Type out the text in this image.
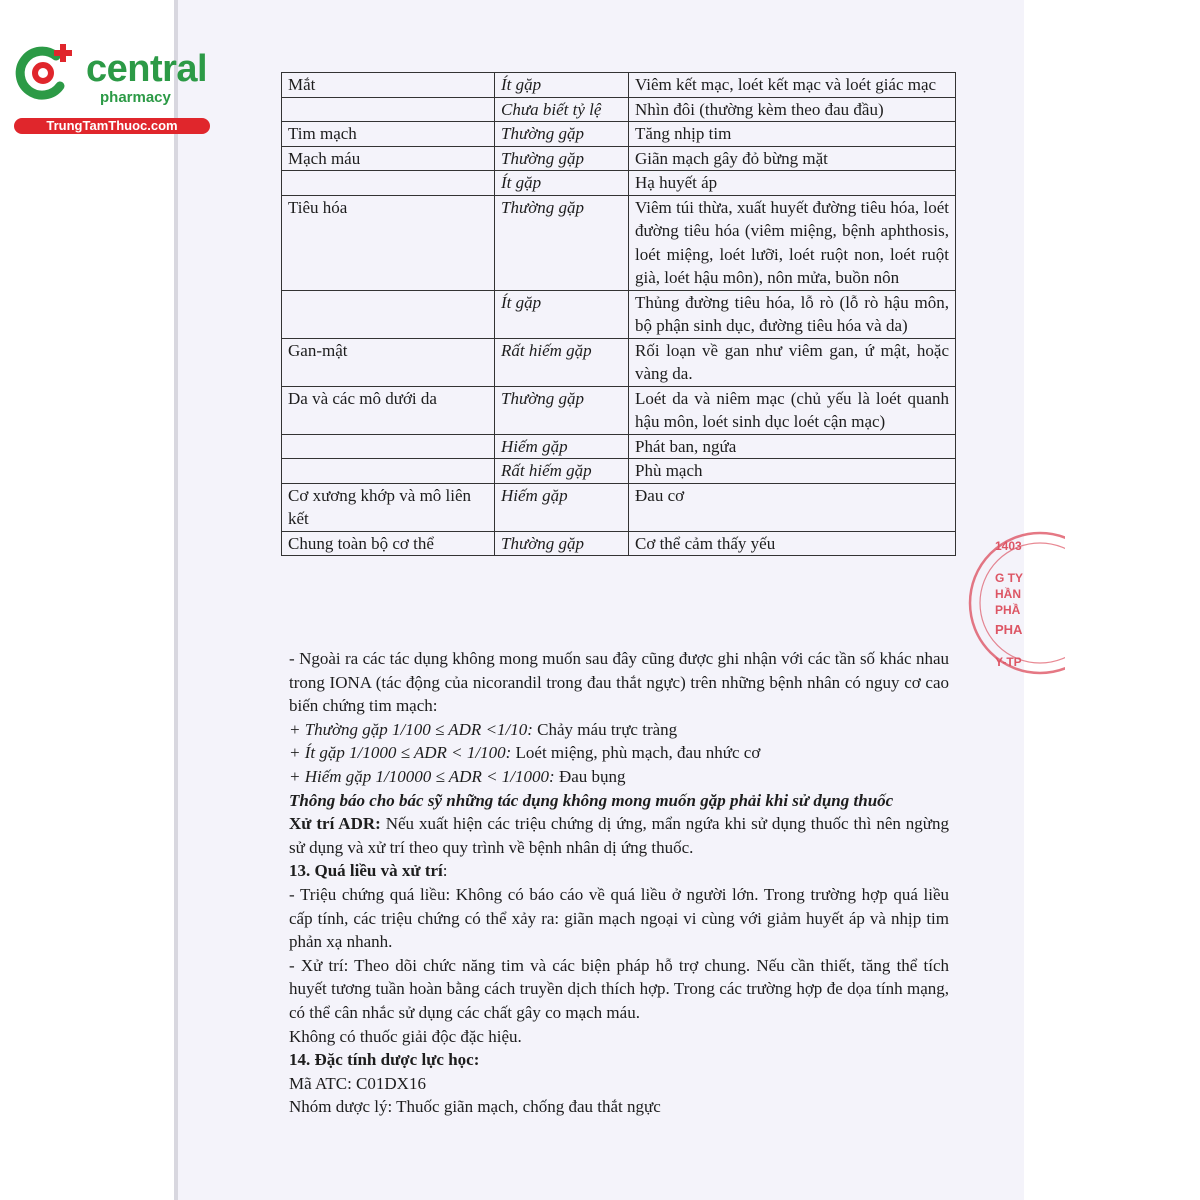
central
pharmacy
TrungTamThuoc.com
Mắt	Ít gặp	Viêm kết mạc, loét kết mạc và loét giác mạc
	Chưa biết tỷ lệ	Nhìn đôi (thường kèm theo đau đầu)
Tim mạch	Thường gặp	Tăng nhịp tim
Mạch máu	Thường gặp	Giãn mạch gây đỏ bừng mặt
	Ít gặp	Hạ huyết áp
Tiêu hóa	Thường gặp	Viêm túi thừa, xuất huyết đường tiêu hóa, loét đường tiêu hóa (viêm miệng, bệnh aphthosis, loét miệng, loét lưỡi, loét ruột non, loét ruột già, loét hậu môn), nôn mửa, buồn nôn
	Ít gặp	Thủng đường tiêu hóa, lỗ rò (lỗ rò hậu môn, bộ phận sinh dục, đường tiêu hóa và da)
Gan-mật	Rất hiếm gặp	Rối loạn về gan như viêm gan, ứ mật, hoặc vàng da.
Da và các mô dưới da	Thường gặp	Loét da và niêm mạc (chủ yếu là loét quanh hậu môn, loét sinh dục loét cận mạc)
	Hiếm gặp	Phát ban, ngứa
	Rất hiếm gặp	Phù mạch
Cơ xương khớp và mô liên kết	Hiếm gặp	Đau cơ
Chung toàn bộ cơ thể	Thường gặp	Cơ thể cảm thấy yếu

- Ngoài ra các tác dụng không mong muốn sau đây cũng được ghi nhận với các tần số khác nhau trong IONA (tác động của nicorandil trong đau thắt ngực) trên những bệnh nhân có nguy cơ cao biến chứng tim mạch:

+ Thường gặp 1/100 ≤ ADR <1/10: Chảy máu trực tràng

+ Ít gặp 1/1000 ≤ ADR < 1/100: Loét miệng, phù mạch, đau nhức cơ

+ Hiếm gặp 1/10000 ≤ ADR < 1/1000: Đau bụng

Thông báo cho bác sỹ những tác dụng không mong muốn gặp phải khi sử dụng thuốc

Xử trí ADR: Nếu xuất hiện các triệu chứng dị ứng, mẩn ngứa khi sử dụng thuốc thì nên ngừng sử dụng và xử trí theo quy trình về bệnh nhân dị ứng thuốc.

13. Quá liều và xử trí:

- Triệu chứng quá liều: Không có báo cáo về quá liều ở người lớn. Trong trường hợp quá liều cấp tính, các triệu chứng có thể xảy ra: giãn mạch ngoại vi cùng với giảm huyết áp và nhịp tim phản xạ nhanh.

- Xử trí: Theo dõi chức năng tim và các biện pháp hỗ trợ chung. Nếu cần thiết, tăng thể tích huyết tương tuần hoàn bằng cách truyền dịch thích hợp. Trong các trường hợp đe dọa tính mạng, có thể cân nhắc sử dụng các chất gây co mạch máu.

Không có thuốc giải độc đặc hiệu.

14. Đặc tính dược lực học:

Mã ATC: C01DX16

Nhóm dược lý: Thuốc giãn mạch, chống đau thắt ngực

1403
G TY
HẦN
PHẦ
PHA
Y-TP
